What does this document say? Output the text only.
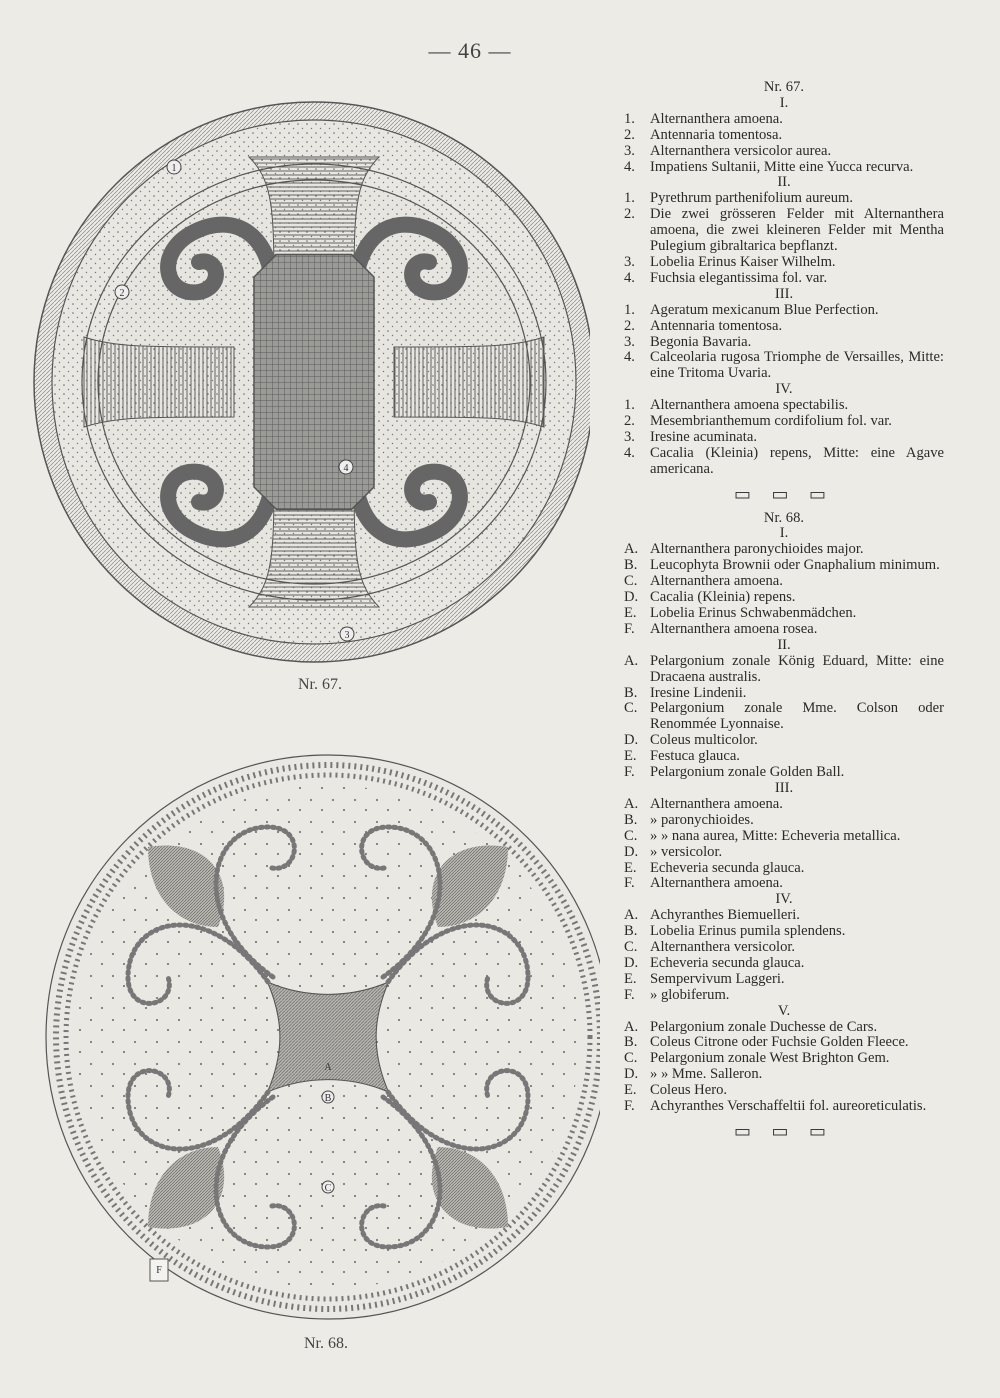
— 46 —
1
2
3
4
Nr. 67.
A
B
C
F
Nr. 68.
Nr. 67.
I.
1.	Alternanthera amoena.
2.	Antennaria tomentosa.
3.	Alternanthera versicolor aurea.
4.	Impatiens Sultanii, Mitte eine Yucca recurva.
II.
1.	Pyrethrum parthenifolium aureum.
2.	Die zwei grösseren Felder mit Alternanthera amoena, die zwei kleineren Felder mit Mentha Pulegium gibraltarica bepflanzt.
3.	Lobelia Erinus Kaiser Wilhelm.
4.	Fuchsia elegantissima fol. var.
III.
1.	Ageratum mexicanum Blue Perfection.
2.	Antennaria tomentosa.
3.	Begonia Bavaria.
4.	Calceolaria rugosa Triomphe de Versailles, Mitte: eine Tritoma Uvaria.
IV.
1.	Alternanthera amoena spectabilis.
2.	Mesembrianthemum cordifolium fol. var.
3.	Iresine acuminata.
4.	Cacalia (Kleinia) repens, Mitte: eine Agave americana.
▭ ▭ ▭
Nr. 68.
I.
A. Alternanthera paronychioides major.
B. Leucophyta Brownii oder Gnaphalium minimum.
C. Alternanthera amoena.
D. Cacalia (Kleinia) repens.
E. Lobelia Erinus Schwabenmädchen.
F.	Alternanthera amoena rosea.
II.
A. Pelargonium zonale König Eduard, Mitte: eine Dracaena australis.
B. Iresine Lindenii.
C. Pelargonium zonale Mme. Colson oder Renommée Lyonnaise.
D. Coleus multicolor.
E. Festuca glauca.
F.	Pelargonium zonale Golden Ball.
III.
A. Alternanthera amoena.
B. » paronychioides.
C. » » nana aurea, Mitte: Echeveria metallica.
D. » versicolor.
E. Echeveria secunda glauca.
F.	Alternanthera amoena.
IV.
A. Achyranthes Biemuelleri.
B. Lobelia Erinus pumila splendens.
C. Alternanthera versicolor.
D. Echeveria secunda glauca.
E. Sempervivum Laggeri.
F.	» globiferum.
V.
A. Pelargonium zonale Duchesse de Cars.
B. Coleus Citrone oder Fuchsie Golden Fleece.
C. Pelargonium zonale West Brighton Gem.
D. » » Mme. Salleron.
E. Coleus Hero.
F.	Achyranthes Verschaffeltii fol. aureoreticulatis.
▭ ▭ ▭
